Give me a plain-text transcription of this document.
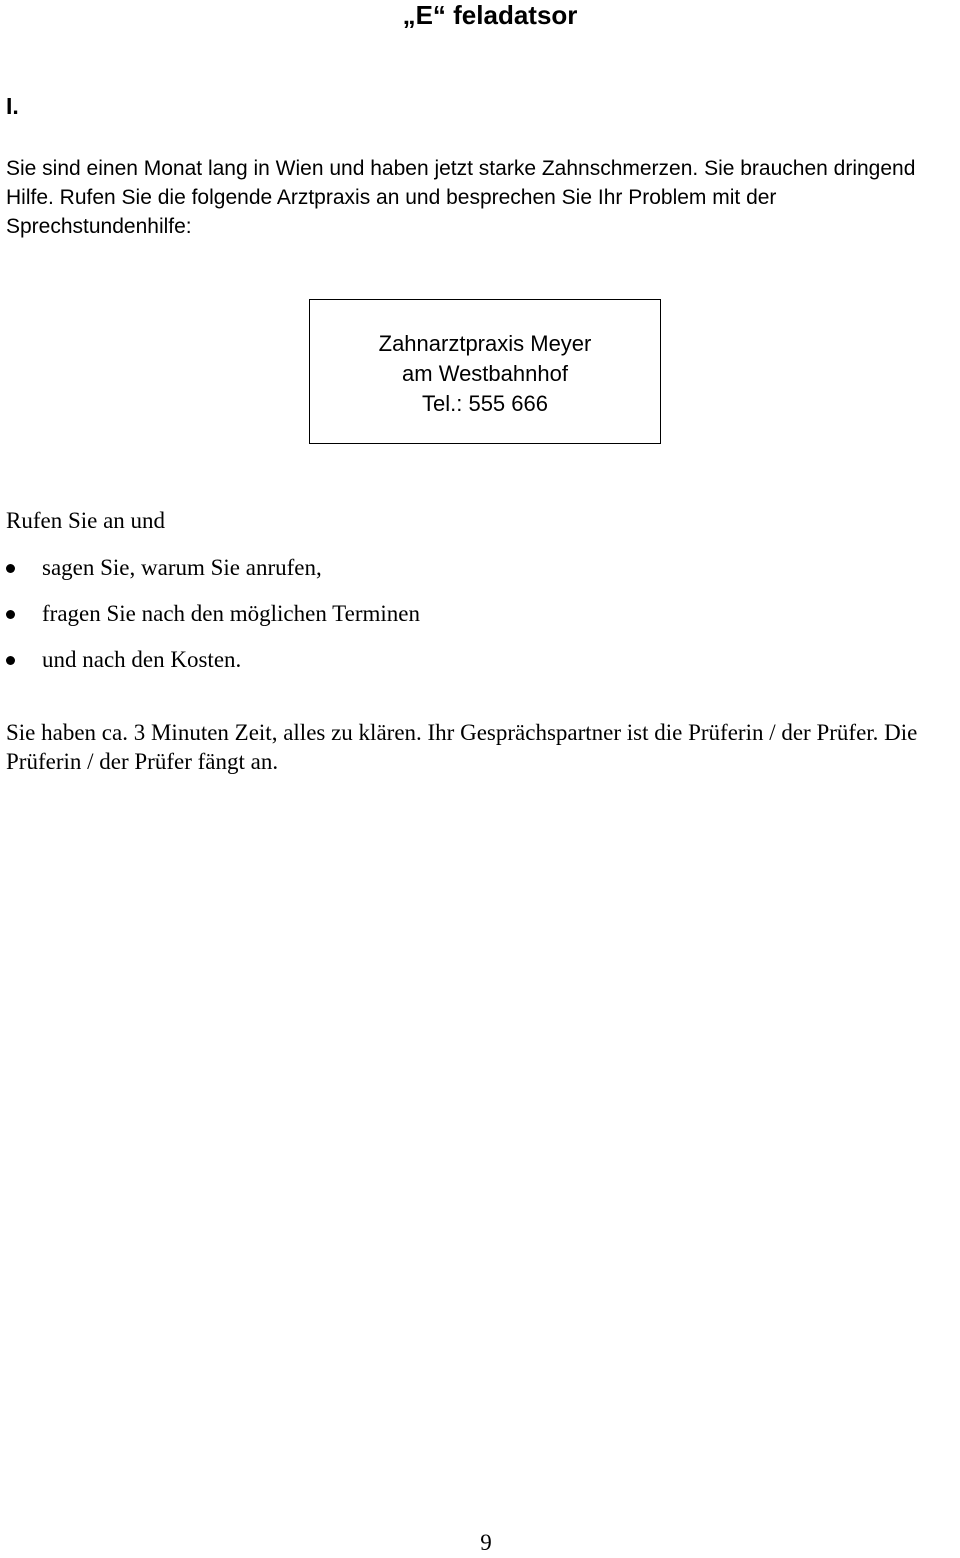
„E“ feladatsor
I.

Sie sind einen Monat lang in Wien und haben jetzt starke Zahnschmerzen. Sie brauchen dringend Hilfe. Rufen Sie die folgende Arztpraxis an und besprechen Sie Ihr Problem mit der Sprechstundenhilfe:

Zahnarztpraxis Meyer
am Westbahnhof
Tel.: 555 666
Rufen Sie an und
sagen Sie, warum Sie anrufen,
fragen Sie nach den möglichen Terminen
und nach den Kosten.

Sie haben ca. 3 Minuten Zeit, alles zu klären. Ihr Gesprächspartner ist die Prüferin / der Prüfer. Die Prüferin / der Prüfer fängt an.

9
